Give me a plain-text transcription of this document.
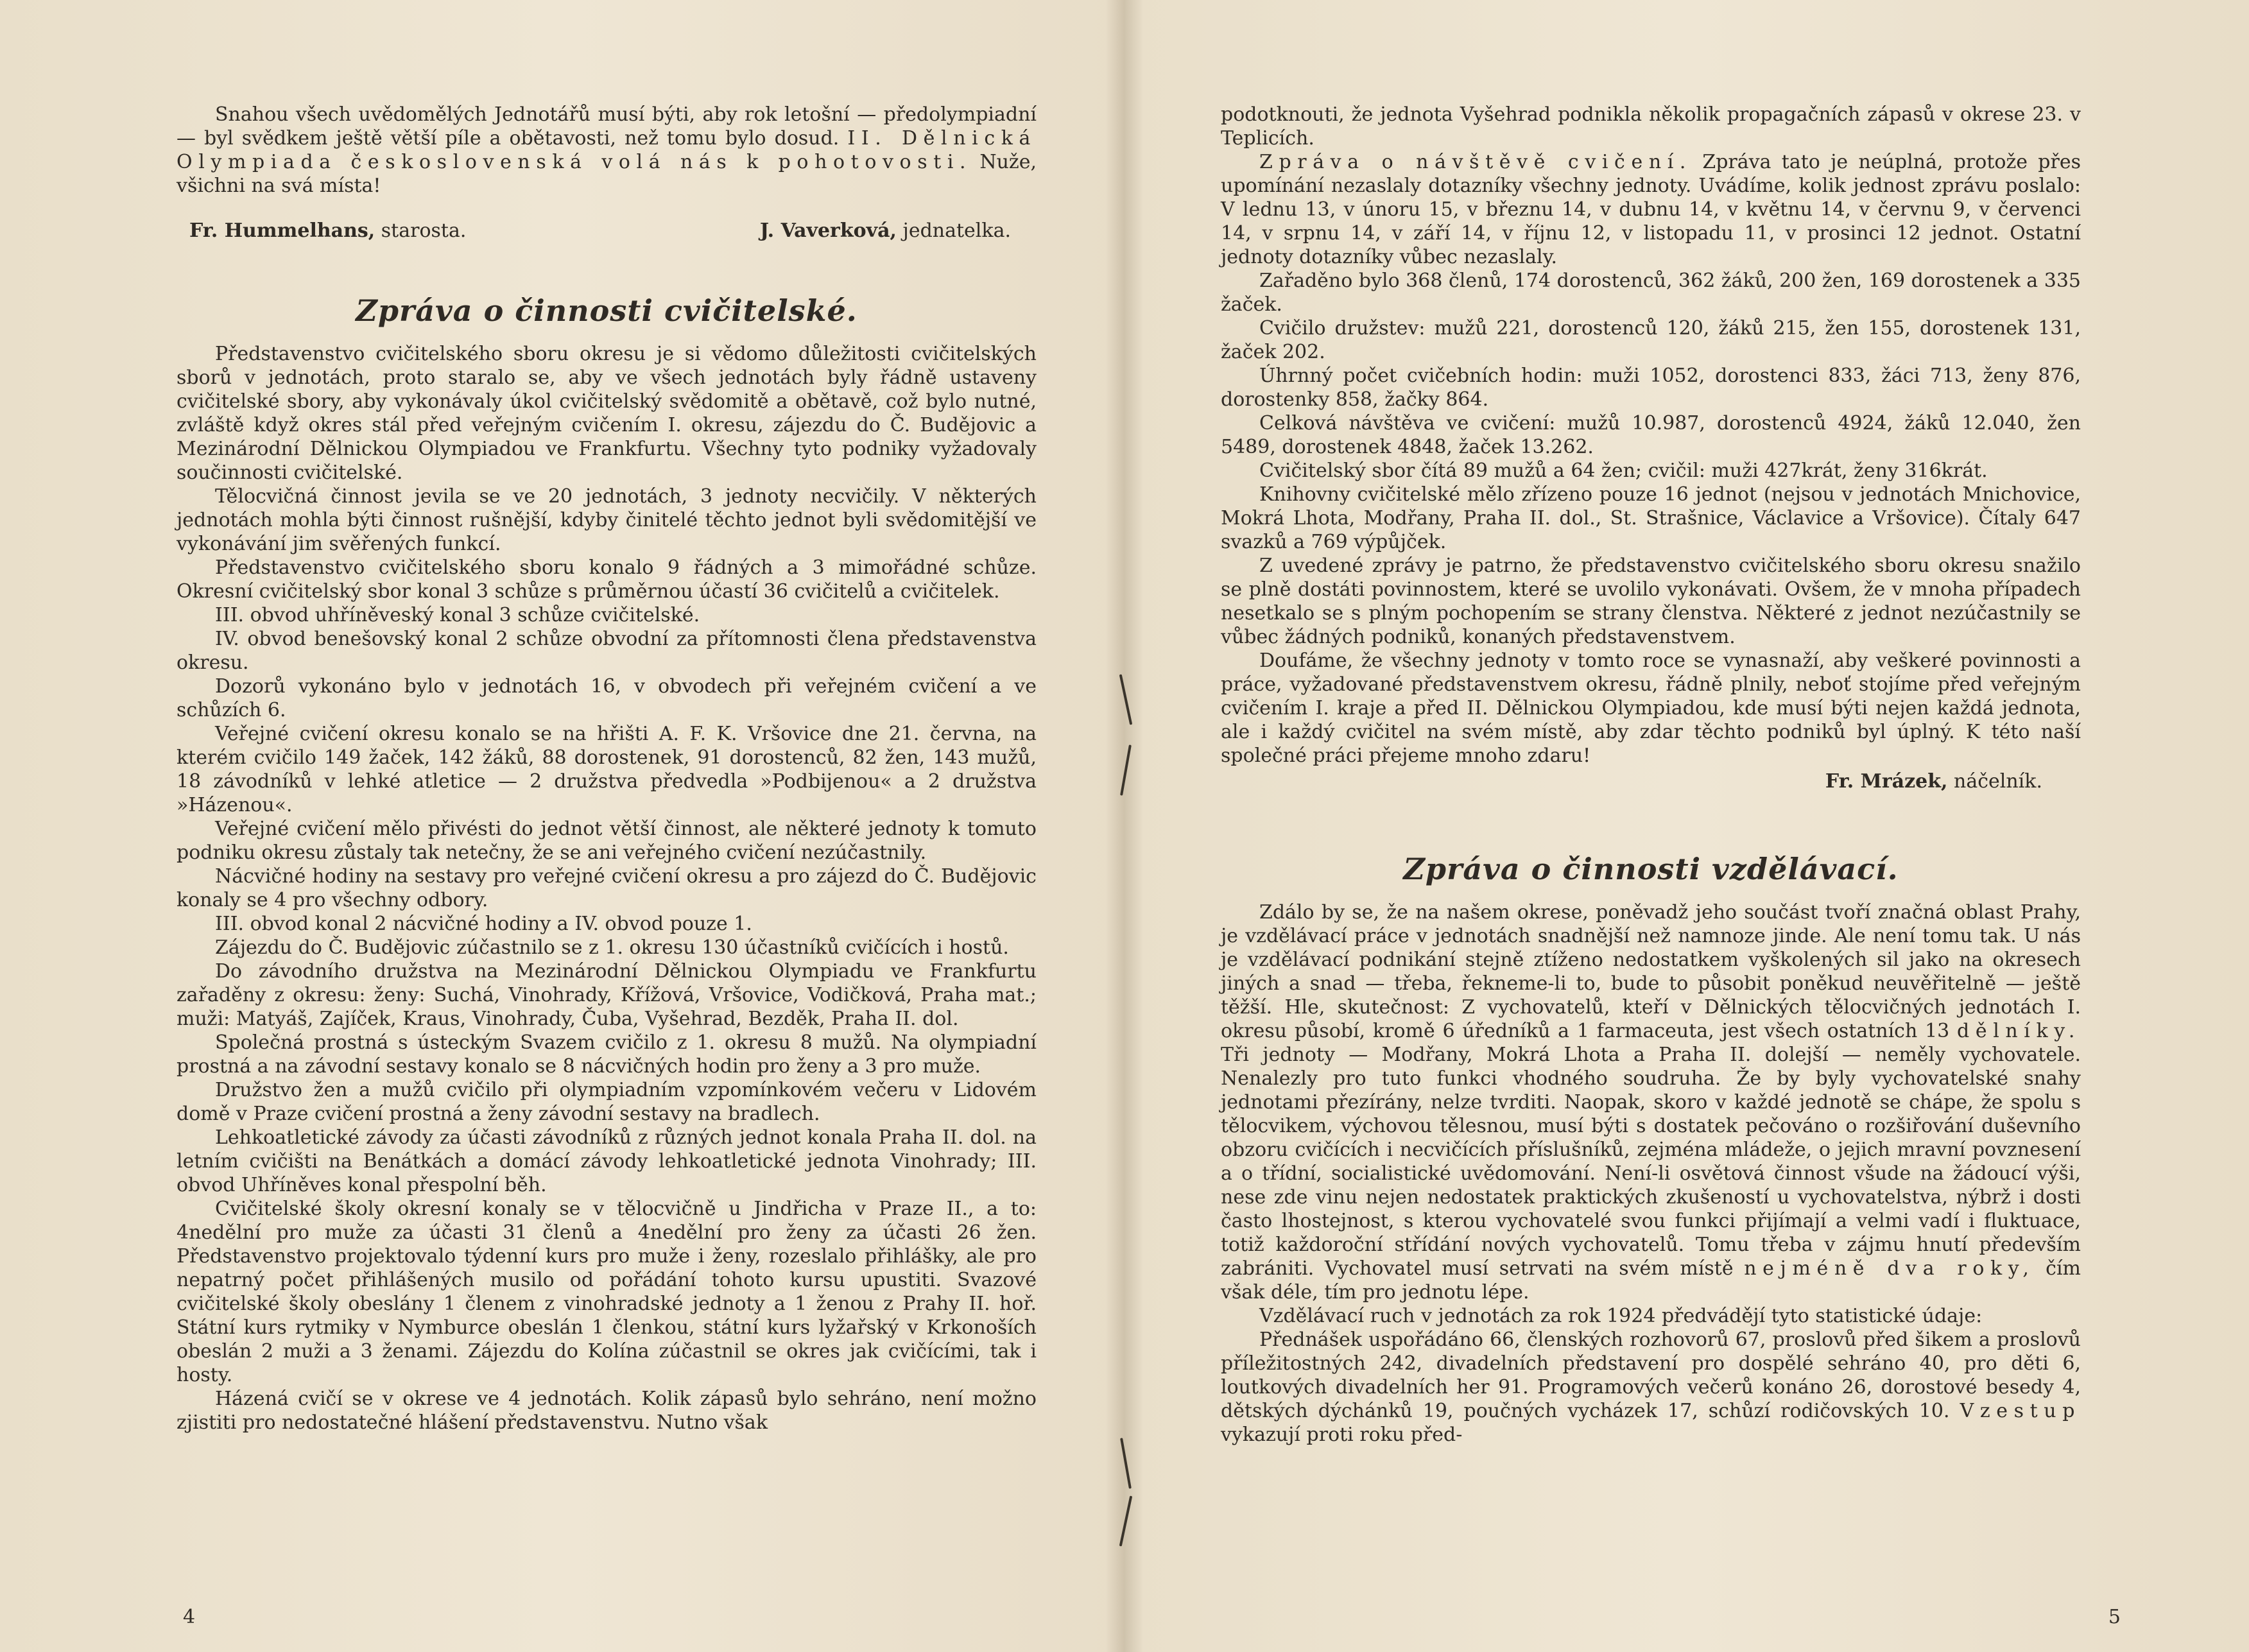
Snahou všech uvědomělých Jednotářů musí býti, aby rok letošní — předolympiadní — byl svědkem ještě větší píle a obětavosti, než tomu bylo dosud. II. Dělnická Olympiada československá volá nás k pohotovosti. Nuže, všichni na svá místa!

Fr. Hummelhans, starosta.	J. Vaverková, jednatelka.
Zpráva o činnosti cvičitelské.

Představenstvo cvičitelského sboru okresu je si vědomo důležitosti cvičitelských sborů v jednotách, proto staralo se, aby ve všech jednotách byly řádně ustaveny cvičitelské sbory, aby vykonávaly úkol cvičitelský svědomitě a obětavě, což bylo nutné, zvláště když okres stál před veřejným cvičením I. okresu, zájezdu do Č. Budějovic a Mezinárodní Dělnickou Olympiadou ve Frankfurtu. Všechny tyto podniky vyžadovaly součinnosti cvičitelské.

Tělocvičná činnost jevila se ve 20 jednotách, 3 jednoty necvičily. V některých jednotách mohla býti činnost rušnější, kdyby činitelé těchto jednot byli svědomitější ve vykonávání jim svěřených funkcí.

Představenstvo cvičitelského sboru konalo 9 řádných a 3 mimořádné schůze. Okresní cvičitelský sbor konal 3 schůze s průměrnou účastí 36 cvičitelů a cvičitelek.

III. obvod uhříněveský konal 3 schůze cvičitelské.

IV. obvod benešovský konal 2 schůze obvodní za přítomnosti člena představenstva okresu.

Dozorů vykonáno bylo v jednotách 16, v obvodech při veřejném cvičení a ve schůzích 6.

Veřejné cvičení okresu konalo se na hřišti A. F. K. Vršovice dne 21. června, na kterém cvičilo 149 žaček, 142 žáků, 88 dorostenek, 91 dorostenců, 82 žen, 143 mužů, 18 závodníků v lehké atletice — 2 družstva předvedla »Podbijenou« a 2 družstva »Házenou«.

Veřejné cvičení mělo přivésti do jednot větší činnost, ale některé jednoty k tomuto podniku okresu zůstaly tak netečny, že se ani veřejného cvičení nezúčastnily.

Nácvičné hodiny na sestavy pro veřejné cvičení okresu a pro zájezd do Č. Budějovic konaly se 4 pro všechny odbory.

III. obvod konal 2 nácvičné hodiny a IV. obvod pouze 1.

Zájezdu do Č. Budějovic zúčastnilo se z 1. okresu 130 účastníků cvičících i hostů.

Do závodního družstva na Mezinárodní Dělnickou Olympiadu ve Frankfurtu zařaděny z okresu: ženy: Suchá, Vinohrady, Křížová, Vršovice, Vodičková, Praha mat.; muži: Matyáš, Zajíček, Kraus, Vinohrady, Čuba, Vyšehrad, Bezděk, Praha II. dol.

Společná prostná s ústeckým Svazem cvičilo z 1. okresu 8 mužů. Na olympiadní prostná a na závodní sestavy konalo se 8 nácvičných hodin pro ženy a 3 pro muže.

Družstvo žen a mužů cvičilo při olympiadním vzpomínkovém večeru v Lidovém domě v Praze cvičení prostná a ženy závodní sestavy na bradlech.

Lehkoatletické závody za účasti závodníků z různých jednot konala Praha II. dol. na letním cvičišti na Benátkách a domácí závody lehkoatletické jednota Vinohrady; III. obvod Uhříněves konal přespolní běh.

Cvičitelské školy okresní konaly se v tělocvičně u Jindřicha v Praze II., a to: 4nedělní pro muže za účasti 31 členů a 4nedělní pro ženy za účasti 26 žen. Představenstvo projektovalo týdenní kurs pro muže i ženy, rozeslalo přihlášky, ale pro nepatrný počet přihlášených musilo od pořádání tohoto kursu upustiti. Svazové cvičitelské školy obeslány 1 členem z vinohradské jednoty a 1 ženou z Prahy II. hoř. Státní kurs rytmiky v Nymburce obeslán 1 členkou, státní kurs lyžařský v Krkonoších obeslán 2 muži a 3 ženami. Zájezdu do Kolína zúčastnil se okres jak cvičícími, tak i hosty.

Házená cvičí se v okrese ve 4 jednotách. Kolik zápasů bylo sehráno, není možno zjistiti pro nedostatečné hlášení představenstvu. Nutno však

4

podotknouti, že jednota Vyšehrad podnikla několik propagačních zápasů v okrese 23. v Teplicích.

Zpráva o návštěvě cvičení. Zpráva tato je neúplná, protože přes upomínání nezaslaly dotazníky všechny jednoty. Uvádíme, kolik jednost zprávu poslalo: V lednu 13, v únoru 15, v březnu 14, v dubnu 14, v květnu 14, v červnu 9, v červenci 14, v srpnu 14, v září 14, v říjnu 12, v listopadu 11, v prosinci 12 jednot. Ostatní jednoty dotazníky vůbec nezaslaly.

Zařaděno bylo 368 členů, 174 dorostenců, 362 žáků, 200 žen, 169 dorostenek a 335 žaček.

Cvičilo družstev: mužů 221, dorostenců 120, žáků 215, žen 155, dorostenek 131, žaček 202.

Úhrnný počet cvičebních hodin: muži 1052, dorostenci 833, žáci 713, ženy 876, dorostenky 858, žačky 864.

Celková návštěva ve cvičení: mužů 10.987, dorostenců 4924, žáků 12.040, žen 5489, dorostenek 4848, žaček 13.262.

Cvičitelský sbor čítá 89 mužů a 64 žen; cvičil: muži 427krát, ženy 316krát.

Knihovny cvičitelské mělo zřízeno pouze 16 jednot (nejsou v jednotách Mnichovice, Mokrá Lhota, Modřany, Praha II. dol., St. Strašnice, Václavice a Vršovice). Čítaly 647 svazků a 769 výpůjček.

Z uvedené zprávy je patrno, že představenstvo cvičitelského sboru okresu snažilo se plně dostáti povinnostem, které se uvolilo vykonávati. Ovšem, že v mnoha případech nesetkalo se s plným pochopením se strany členstva. Některé z jednot nezúčastnily se vůbec žádných podniků, konaných představenstvem.

Doufáme, že všechny jednoty v tomto roce se vynasnaží, aby veškeré povinnosti a práce, vyžadované představenstvem okresu, řádně plnily, neboť stojíme před veřejným cvičením I. kraje a před II. Dělnickou Olympiadou, kde musí býti nejen každá jednota, ale i každý cvičitel na svém místě, aby zdar těchto podniků byl úplný. K této naší společné práci přejeme mnoho zdaru!

Fr. Mrázek, náčelník.
Zpráva o činnosti vzdělávací.

Zdálo by se, že na našem okrese, poněvadž jeho součást tvoří značná oblast Prahy, je vzdělávací práce v jednotách snadnější než namnoze jinde. Ale není tomu tak. U nás je vzdělávací podnikání stejně ztíženo nedostatkem vyškolených sil jako na okresech jiných a snad — třeba, řekneme-li to, bude to působit poněkud neuvěřitelně — ještě těžší. Hle, skutečnost: Z vychovatelů, kteří v Dělnických tělocvičných jednotách I. okresu působí, kromě 6 úředníků a 1 farmaceuta, jest všech ostatních 13 dělníky. Tři jednoty — Modřany, Mokrá Lhota a Praha II. dolejší — neměly vychovatele. Nenalezly pro tuto funkci vhodného soudruha. Že by byly vychovatelské snahy jednotami přezírány, nelze tvrditi. Naopak, skoro v každé jednotě se chápe, že spolu s tělocvikem, výchovou tělesnou, musí býti s dostatek pečováno o rozšiřování duševního obzoru cvičících i necvičících příslušníků, zejména mládeže, o jejich mravní povznesení a o třídní, socialistické uvědomování. Není-li osvětová činnost všude na žádoucí výši, nese zde vinu nejen nedostatek praktických zkušeností u vychovatelstva, nýbrž i dosti často lhostejnost, s kterou vychovatelé svou funkci přijímají a velmi vadí i fluktuace, totiž každoroční střídání nových vychovatelů. Tomu třeba v zájmu hnutí především zabrániti. Vychovatel musí setrvati na svém místě nejméně dva roky, čím však déle, tím pro jednotu lépe.

Vzdělávací ruch v jednotách za rok 1924 předvádějí tyto statistické údaje:

Přednášek uspořádáno 66, členských rozhovorů 67, proslovů před šikem a proslovů příležitostných 242, divadelních představení pro dospělé sehráno 40, pro děti 6, loutkových divadelních her 91. Programových večerů konáno 26, dorostové besedy 4, dětských dýchánků 19, poučných vycházek 17, schůzí rodičovských 10. Vzestup vykazují proti roku před-

5
